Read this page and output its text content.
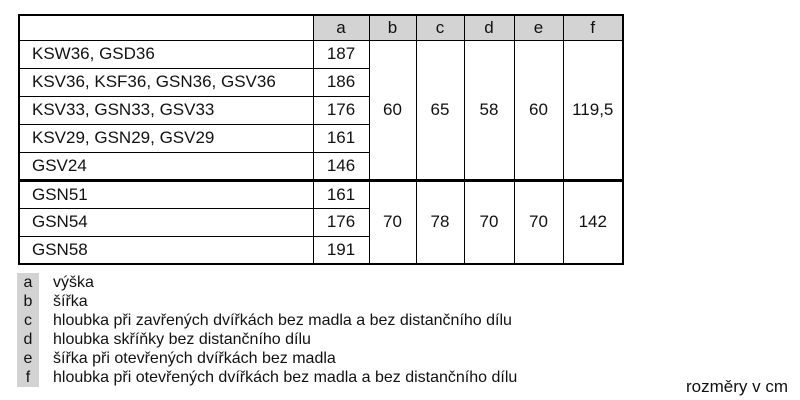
	a	b	c	d	e	f
KSW36, GSD36	187	60	65	58	60	119,5
KSV36, KSF36, GSN36, GSV36	186					
KSV33, GSN33, GSV33	176					
KSV29, GSN29, GSV29	161					
GSV24	146					
GSN51	161	70	78	70	70	142
GSN54	176					
GSN58	191					
a	výška
b	šířka
c	hloubka při zavřených dvířkách bez madla a bez distančního dílu
d	hloubka skříňky bez distančního dílu
e	šířka při otevřených dvířkách bez madla
f	hloubka při otevřených dvířkách bez madla a bez distančního dílu	rozměry v cm
